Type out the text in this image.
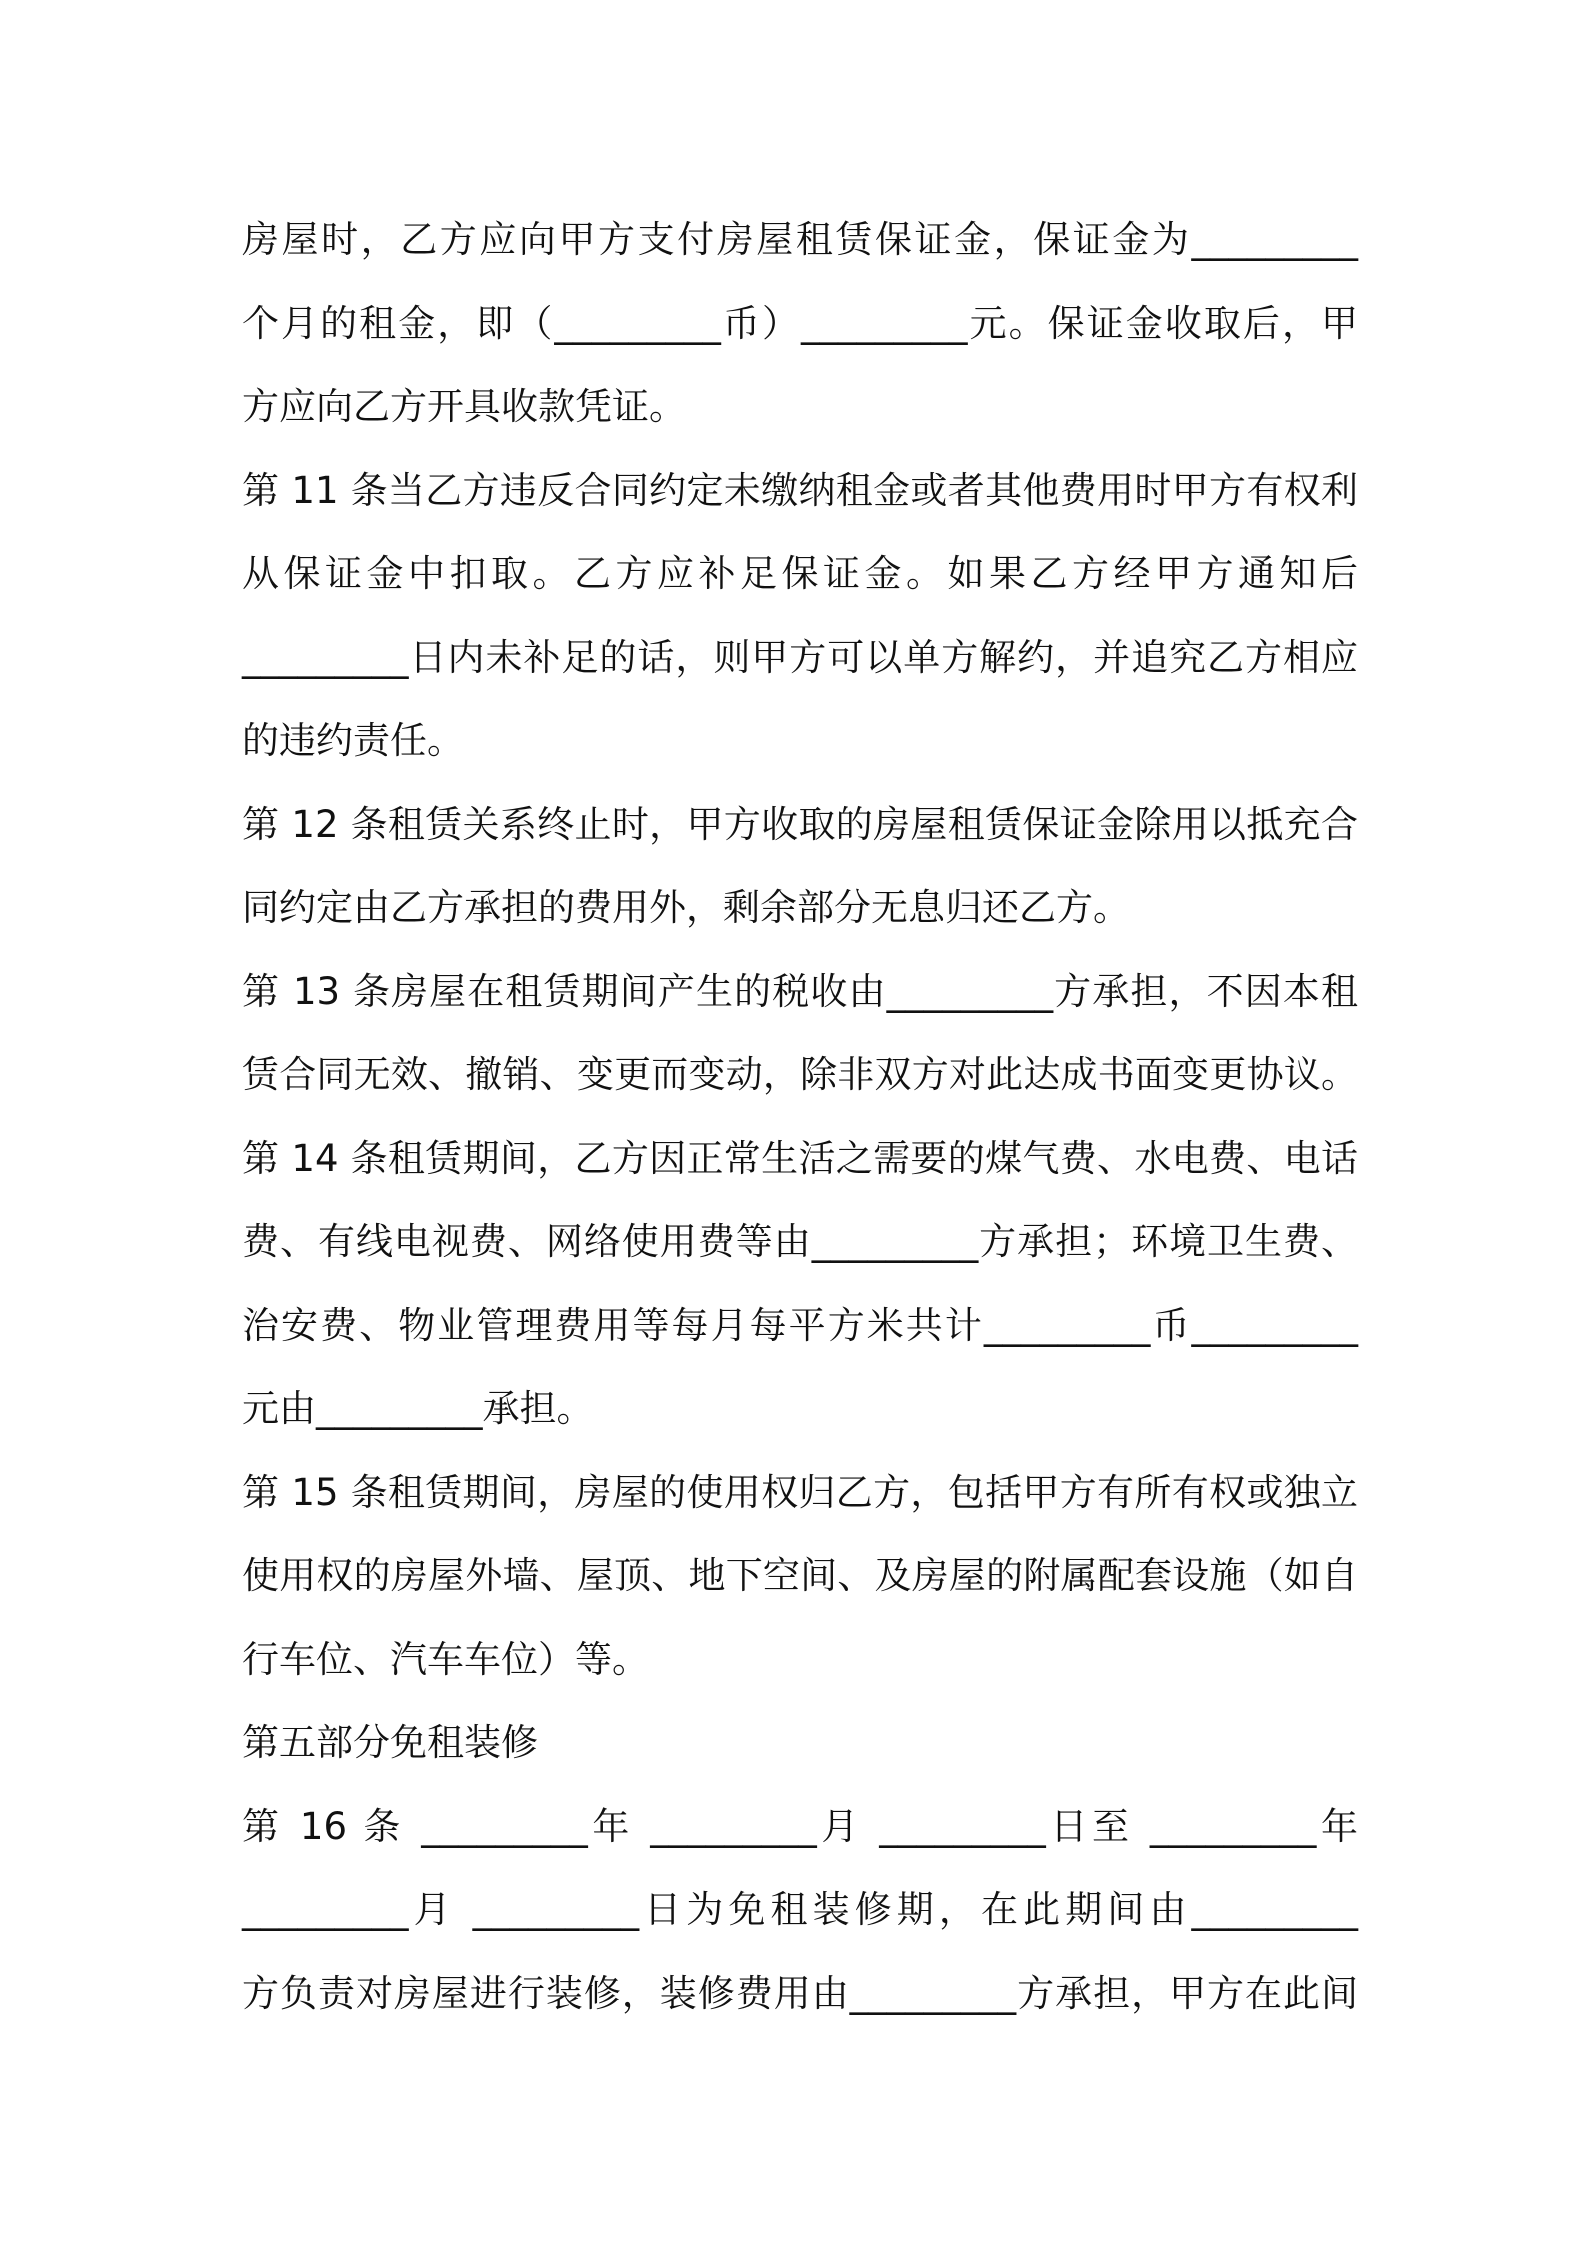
房屋时，乙方应向甲方支付房屋租赁保证金，保证金为_________
个月的租金，即（_________币）_________元。保证金收取后，甲
方应向乙方开具收款凭证。
第 11 条当乙方违反合同约定未缴纳租金或者其他费用时甲方有权利
从保证金中扣取。乙方应补足保证金。如果乙方经甲方通知后
_________日内未补足的话，则甲方可以单方解约，并追究乙方相应
的违约责任。
第 12 条租赁关系终止时，甲方收取的房屋租赁保证金除用以抵充合
同约定由乙方承担的费用外，剩余部分无息归还乙方。
第 13 条房屋在租赁期间产生的税收由_________方承担，不因本租
赁合同无效、撤销、变更而变动，除非双方对此达成书面变更协议。
第 14 条租赁期间，乙方因正常生活之需要的煤气费、水电费、电话
费、有线电视费、网络使用费等由_________方承担；环境卫生费、
治安费、物业管理费用等每月每平方米共计_________币_________
元由_________承担。
第 15 条租赁期间，房屋的使用权归乙方，包括甲方有所有权或独立
使用权的房屋外墙、屋顶、地下空间、及房屋的附属配套设施（如自
行车位、汽车车位）等。
第五部分免租装修
第 16 条 _________年 _________月 _________日至 _________年
_________月 _________日为免租装修期，在此期间由_________
方负责对房屋进行装修，装修费用由_________方承担，甲方在此间
